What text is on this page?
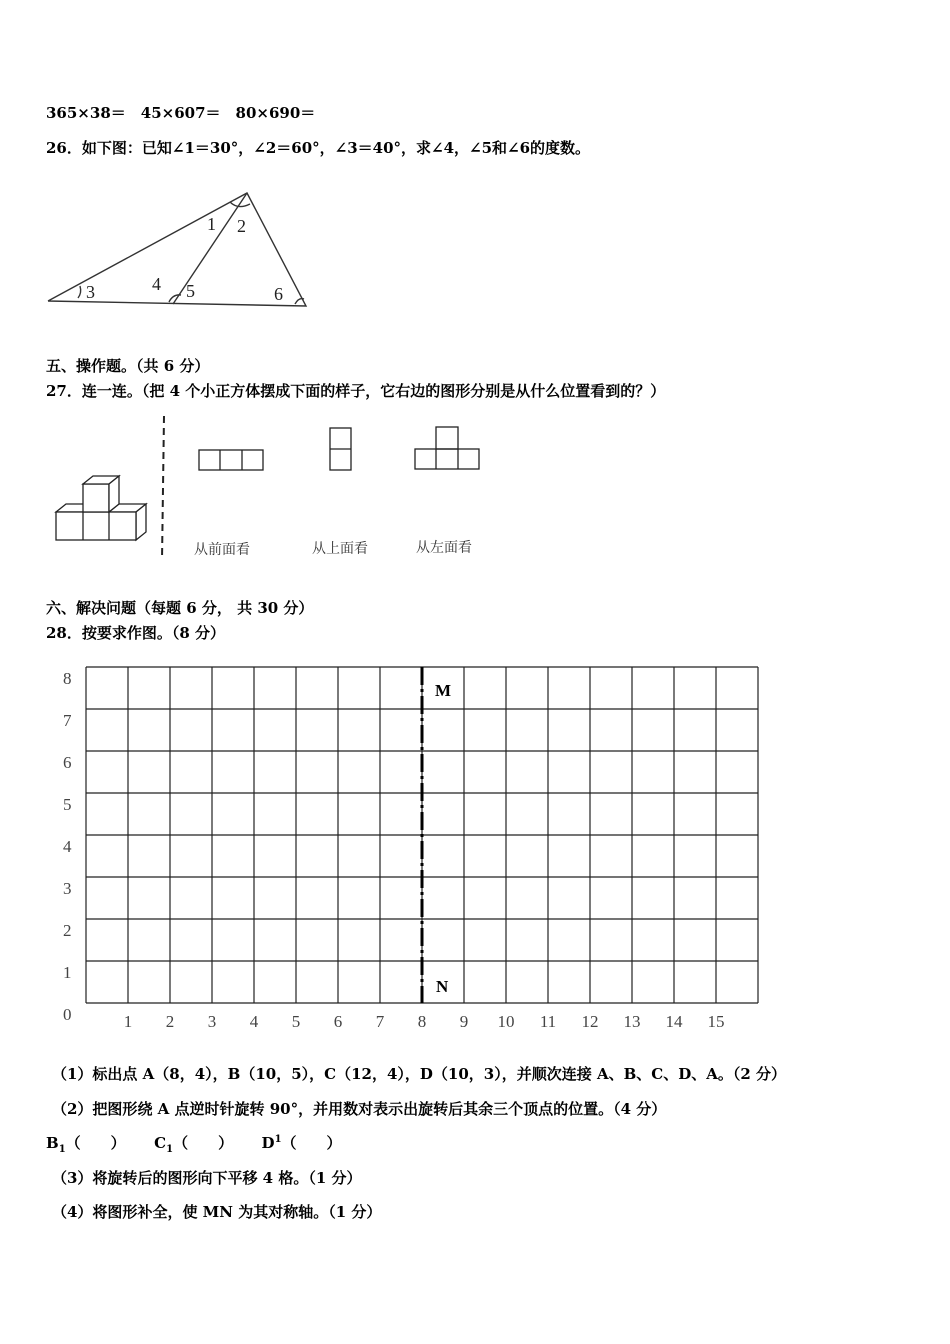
365×38＝　45×607＝　80×690＝
26．如下图：已知∠1＝30°，∠2＝60°，∠3＝40°，求∠4，∠5和∠6的度数。
1 2
3	4 5	6
五、操作题。（共 6 分）
27．连一连。（把 4 个小正方体摆成下面的样子，它右边的图形分别是从什么位置看到的？）
从前面看	从上面看	从左面看
六、解决问题（每题 6 分， 共 30 分）
28．按要求作图。（8 分）
0
1
2
3
4
5
6
7
8
1 2 3 4 5 6 7 8 9 10 11 12 13 14 15
M
N
（1）标出点 A（8，4），B（10，5），C（12，4），D（10，3），并顺次连接 A、B、C、D、A。（2 分）
（2）把图形绕 A 点逆时针旋转 90°，并用数对表示出旋转后其余三个顶点的位置。（4 分）
$B_1$（　　） $C_1$（　　） $D^1$（　　）
（3）将旋转后的图形向下平移 4 格。（1 分）
（4）将图形补全，使 MN 为其对称轴。（1 分）
